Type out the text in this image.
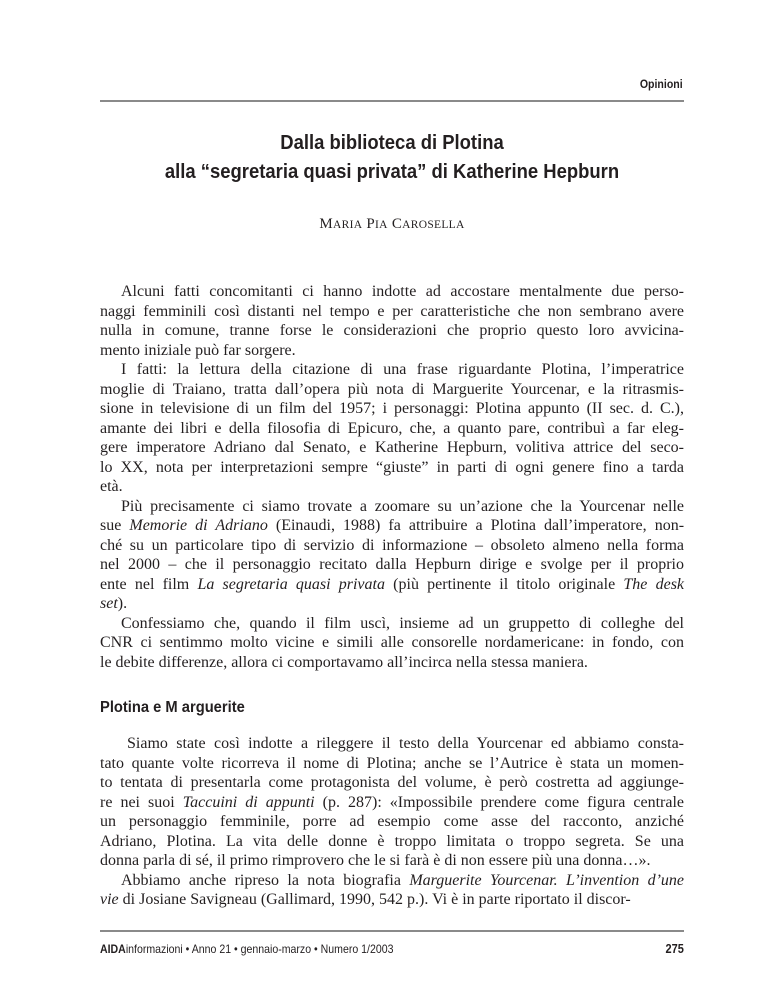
Opinioni
Dalla biblioteca di Plotina
alla “segretaria quasi privata” di Katherine Hepburn
MARIA PIA CAROSELLA
Alcuni fatti concomitanti ci hanno indotte ad accostare mentalmente due perso-
naggi femminili così distanti nel tempo e per caratteristiche che non sembrano avere
nulla in comune, tranne forse le considerazioni che proprio questo loro avvicina-
mento iniziale può far sorgere.
I fatti: la lettura della citazione di una frase riguardante Plotina, l’imperatrice
moglie di Traiano, tratta dall’opera più nota di Marguerite Yourcenar, e la ritrasmis-
sione in televisione di un film del 1957; i personaggi: Plotina appunto (II sec. d. C.),
amante dei libri e della filosofia di Epicuro, che, a quanto pare, contribuì a far eleg-
gere imperatore Adriano dal Senato, e Katherine Hepburn, volitiva attrice del seco-
lo XX, nota per interpretazioni sempre “giuste” in parti di ogni genere fino a tarda
età.
Più precisamente ci siamo trovate a zoomare su un’azione che la Yourcenar nelle
sue Memorie di Adriano (Einaudi, 1988) fa attribuire a Plotina dall’imperatore, non-
ché su un particolare tipo di servizio di informazione – obsoleto almeno nella forma
nel 2000 – che il personaggio recitato dalla Hepburn dirige e svolge per il proprio
ente nel film La segretaria quasi privata (più pertinente il titolo originale The desk
set).
Confessiamo che, quando il film uscì, insieme ad un gruppetto di colleghe del
CNR ci sentimmo molto vicine e simili alle consorelle nordamericane: in fondo, con
le debite differenze, allora ci comportavamo all’incirca nella stessa maniera.
Plotina e M arguerite
Siamo state così indotte a rileggere il testo della Yourcenar ed abbiamo consta-
tato quante volte ricorreva il nome di Plotina; anche se l’Autrice è stata un momen-
to tentata di presentarla come protagonista del volume, è però costretta ad aggiunge-
re nei suoi Taccuini di appunti (p. 287): «Impossibile prendere come figura centrale
un personaggio femminile, porre ad esempio come asse del racconto, anziché
Adriano, Plotina. La vita delle donne è troppo limitata o troppo segreta. Se una
donna parla di sé, il primo rimprovero che le si farà è di non essere più una donna…».
Abbiamo anche ripreso la nota biografia Marguerite Yourcenar. L’invention d’une
vie di Josiane Savigneau (Gallimard, 1990, 542 p.). Vi è in parte riportato il discor-
AIDAinformazioni • Anno 21 • gennaio-marzo • Numero 1/2003	275
